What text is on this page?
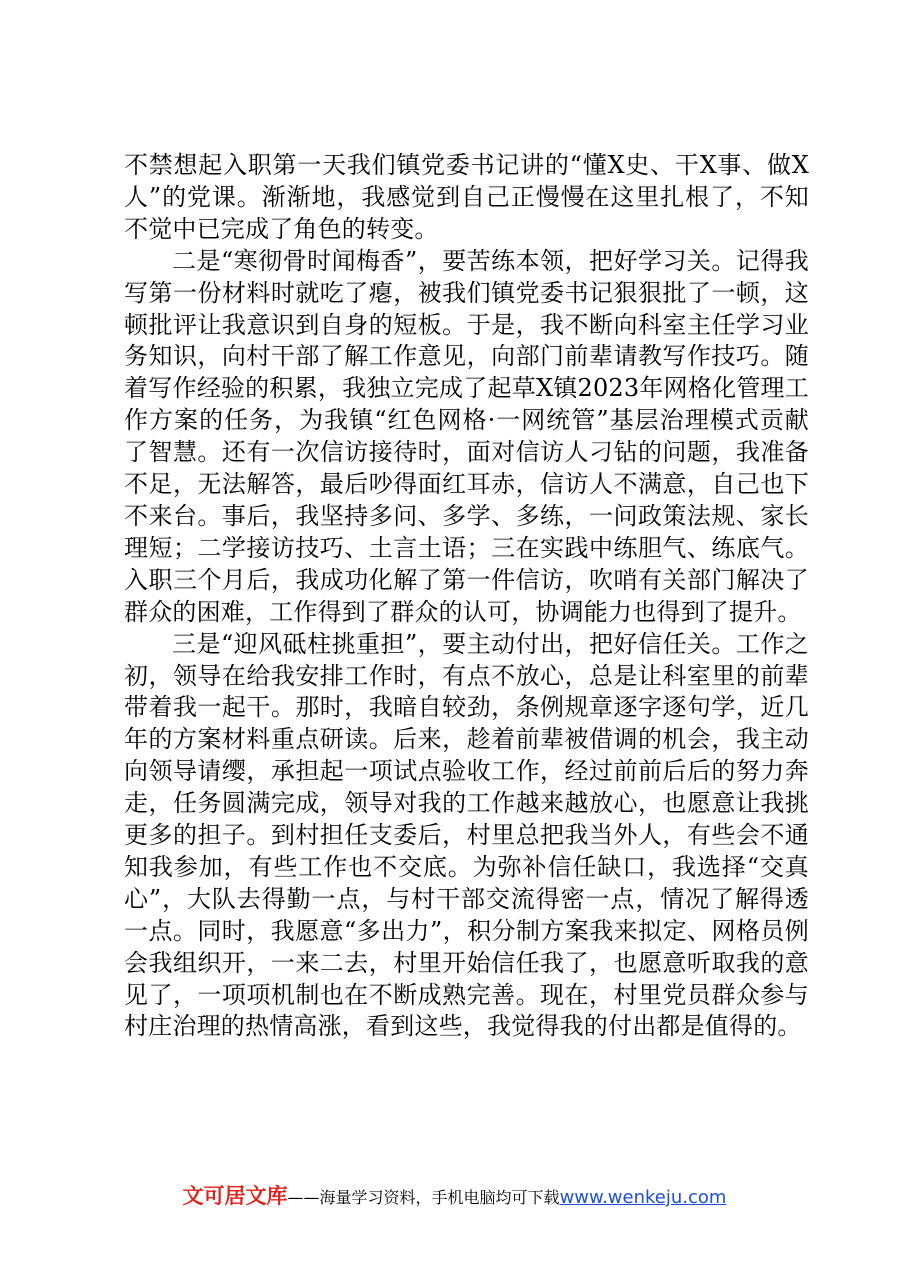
不禁想起入职第一天我们镇党委书记讲的“懂X史、干X事、做X人”的党课。渐渐地，我感觉到自己正慢慢在这里扎根了，不知不觉中已完成了角色的转变。

二是“寒彻骨时闻梅香”，要苦练本领，把好学习关。记得我写第一份材料时就吃了瘪，被我们镇党委书记狠狠批了一顿，这顿批评让我意识到自身的短板。于是，我不断向科室主任学习业务知识，向村干部了解工作意见，向部门前辈请教写作技巧。随着写作经验的积累，我独立完成了起草X镇2023年网格化管理工作方案的任务，为我镇“红色网格·一网统管”基层治理模式贡献了智慧。还有一次信访接待时，面对信访人刁钻的问题，我准备不足，无法解答，最后吵得面红耳赤，信访人不满意，自己也下不来台。事后，我坚持多问、多学、多练，一问政策法规、家长理短；二学接访技巧、土言土语；三在实践中练胆气、练底气。入职三个月后，我成功化解了第一件信访，吹哨有关部门解决了群众的困难，工作得到了群众的认可，协调能力也得到了提升。

三是“迎风砥柱挑重担”，要主动付出，把好信任关。工作之初，领导在给我安排工作时，有点不放心，总是让科室里的前辈带着我一起干。那时，我暗自较劲，条例规章逐字逐句学，近几年的方案材料重点研读。后来，趁着前辈被借调的机会，我主动向领导请缨，承担起一项试点验收工作，经过前前后后的努力奔走，任务圆满完成，领导对我的工作越来越放心，也愿意让我挑更多的担子。到村担任支委后，村里总把我当外人，有些会不通知我参加，有些工作也不交底。为弥补信任缺口，我选择“交真心”，大队去得勤一点，与村干部交流得密一点，情况了解得透一点。同时，我愿意“多出力”，积分制方案我来拟定、网格员例会我组织开，一来二去，村里开始信任我了，也愿意听取我的意见了，一项项机制也在不断成熟完善。现在，村里党员群众参与村庄治理的热情高涨，看到这些，我觉得我的付出都是值得的。

文可居文库——海量学习资料，手机电脑均可下载www.wenkeju.com
